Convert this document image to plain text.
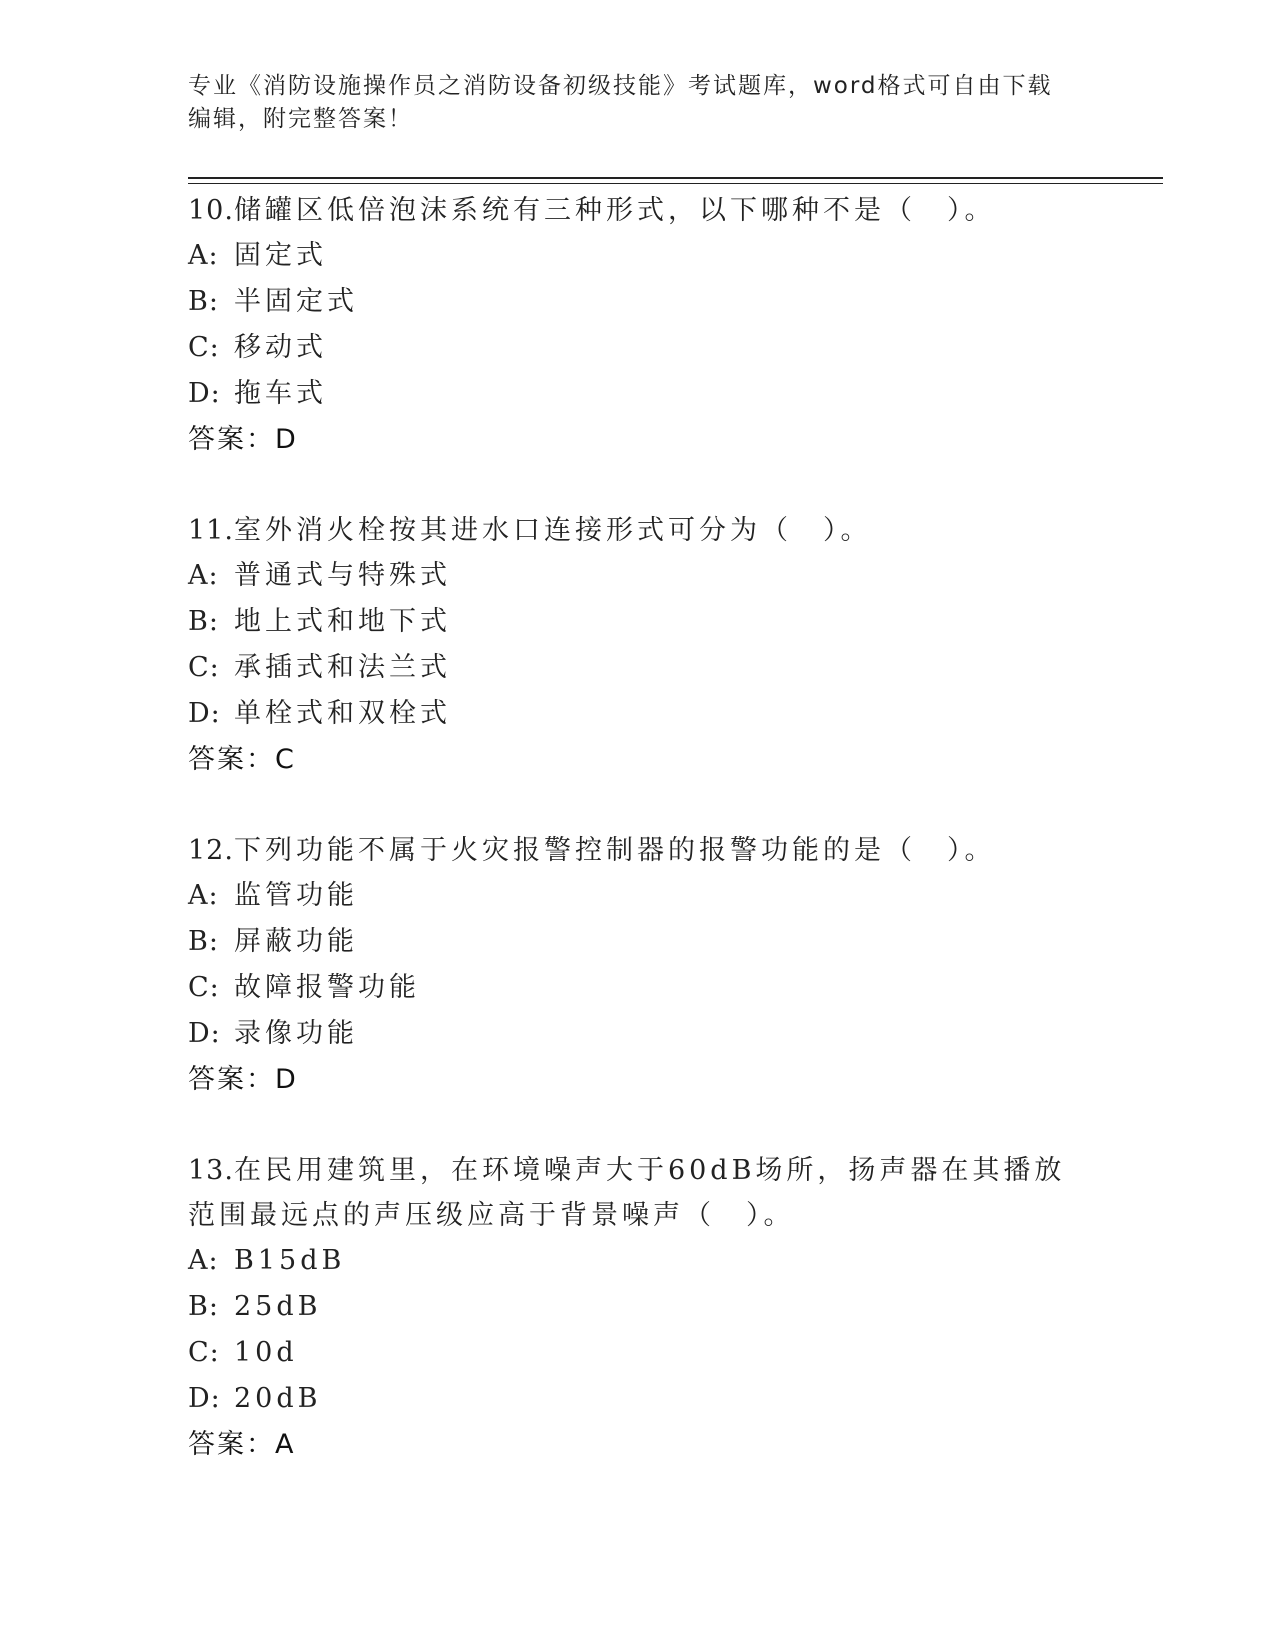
专业《消防设施操作员之消防设备初级技能》考试题库，word格式可自由下载编辑，附完整答案！
10.储罐区低倍泡沫系统有三种形式，以下哪种不是（　）。
A: 固定式
B: 半固定式
C: 移动式
D: 拖车式
答案：D
11.室外消火栓按其进水口连接形式可分为（　）。
A: 普通式与特殊式
B: 地上式和地下式
C: 承插式和法兰式
D: 单栓式和双栓式
答案：C
12.下列功能不属于火灾报警控制器的报警功能的是（　）。
A: 监管功能
B: 屏蔽功能
C: 故障报警功能
D: 录像功能
答案：D
13.在民用建筑里，在环境噪声大于60dB场所，扬声器在其播放范围最远点的声压级应高于背景噪声（　）。
A: B15dB
B: 25dB
C: 10d
D: 20dB
答案：A
